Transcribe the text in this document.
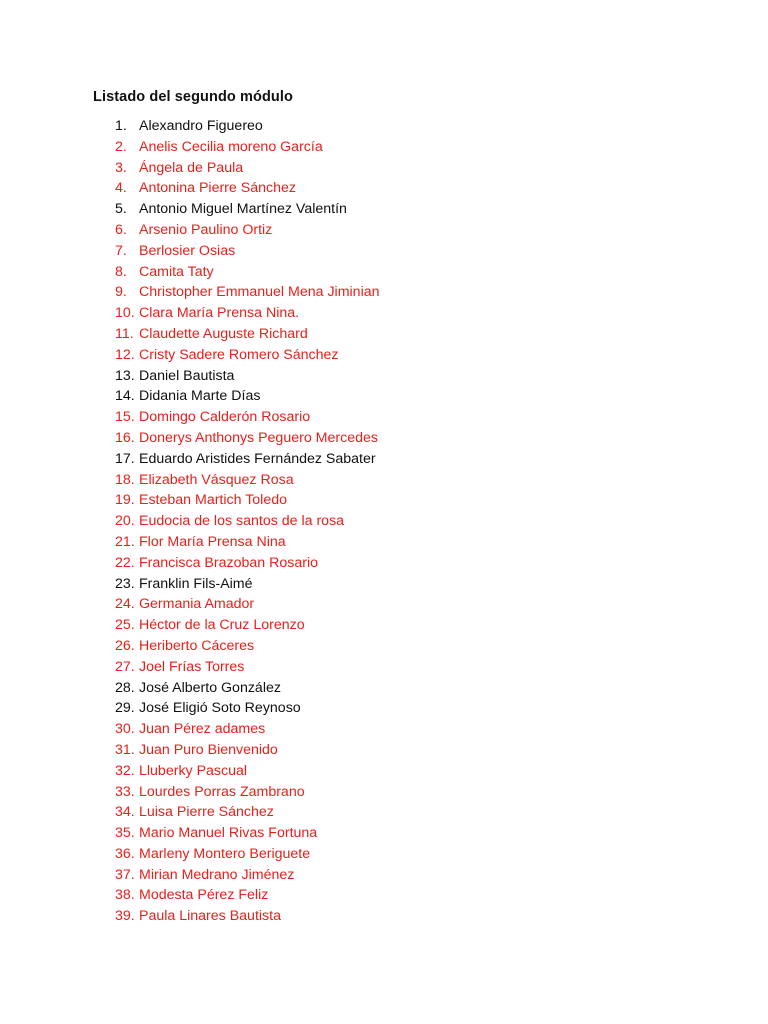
Listado del segundo módulo
1. Alexandro Figuereo
2. Anelis Cecilia moreno García
3. Ángela de Paula
4. Antonina Pierre Sánchez
5. Antonio Miguel Martínez Valentín
6. Arsenio Paulino Ortiz
7. Berlosier Osias
8. Camita Taty
9. Christopher Emmanuel Mena Jiminian
10. Clara María Prensa Nina.
11. Claudette Auguste Richard
12. Cristy Sadere Romero Sánchez
13. Daniel Bautista
14. Didania Marte Días
15. Domingo Calderón Rosario
16. Donerys Anthonys Peguero Mercedes
17. Eduardo Aristides Fernández Sabater
18. Elizabeth Vásquez Rosa
19. Esteban Martich Toledo
20. Eudocia de los santos de la rosa
21. Flor María Prensa Nina
22. Francisca Brazoban Rosario
23. Franklin Fils-Aimé
24. Germania Amador
25. Héctor de la Cruz Lorenzo
26. Heriberto Cáceres
27. Joel Frías Torres
28. José Alberto González
29. José Eligió Soto Reynoso
30. Juan Pérez adames
31. Juan Puro Bienvenido
32. Lluberky Pascual
33. Lourdes Porras Zambrano
34. Luisa Pierre Sánchez
35. Mario Manuel Rivas Fortuna
36. Marleny Montero Beriguete
37. Mirian Medrano Jiménez
38. Modesta Pérez Feliz
39. Paula Linares Bautista
